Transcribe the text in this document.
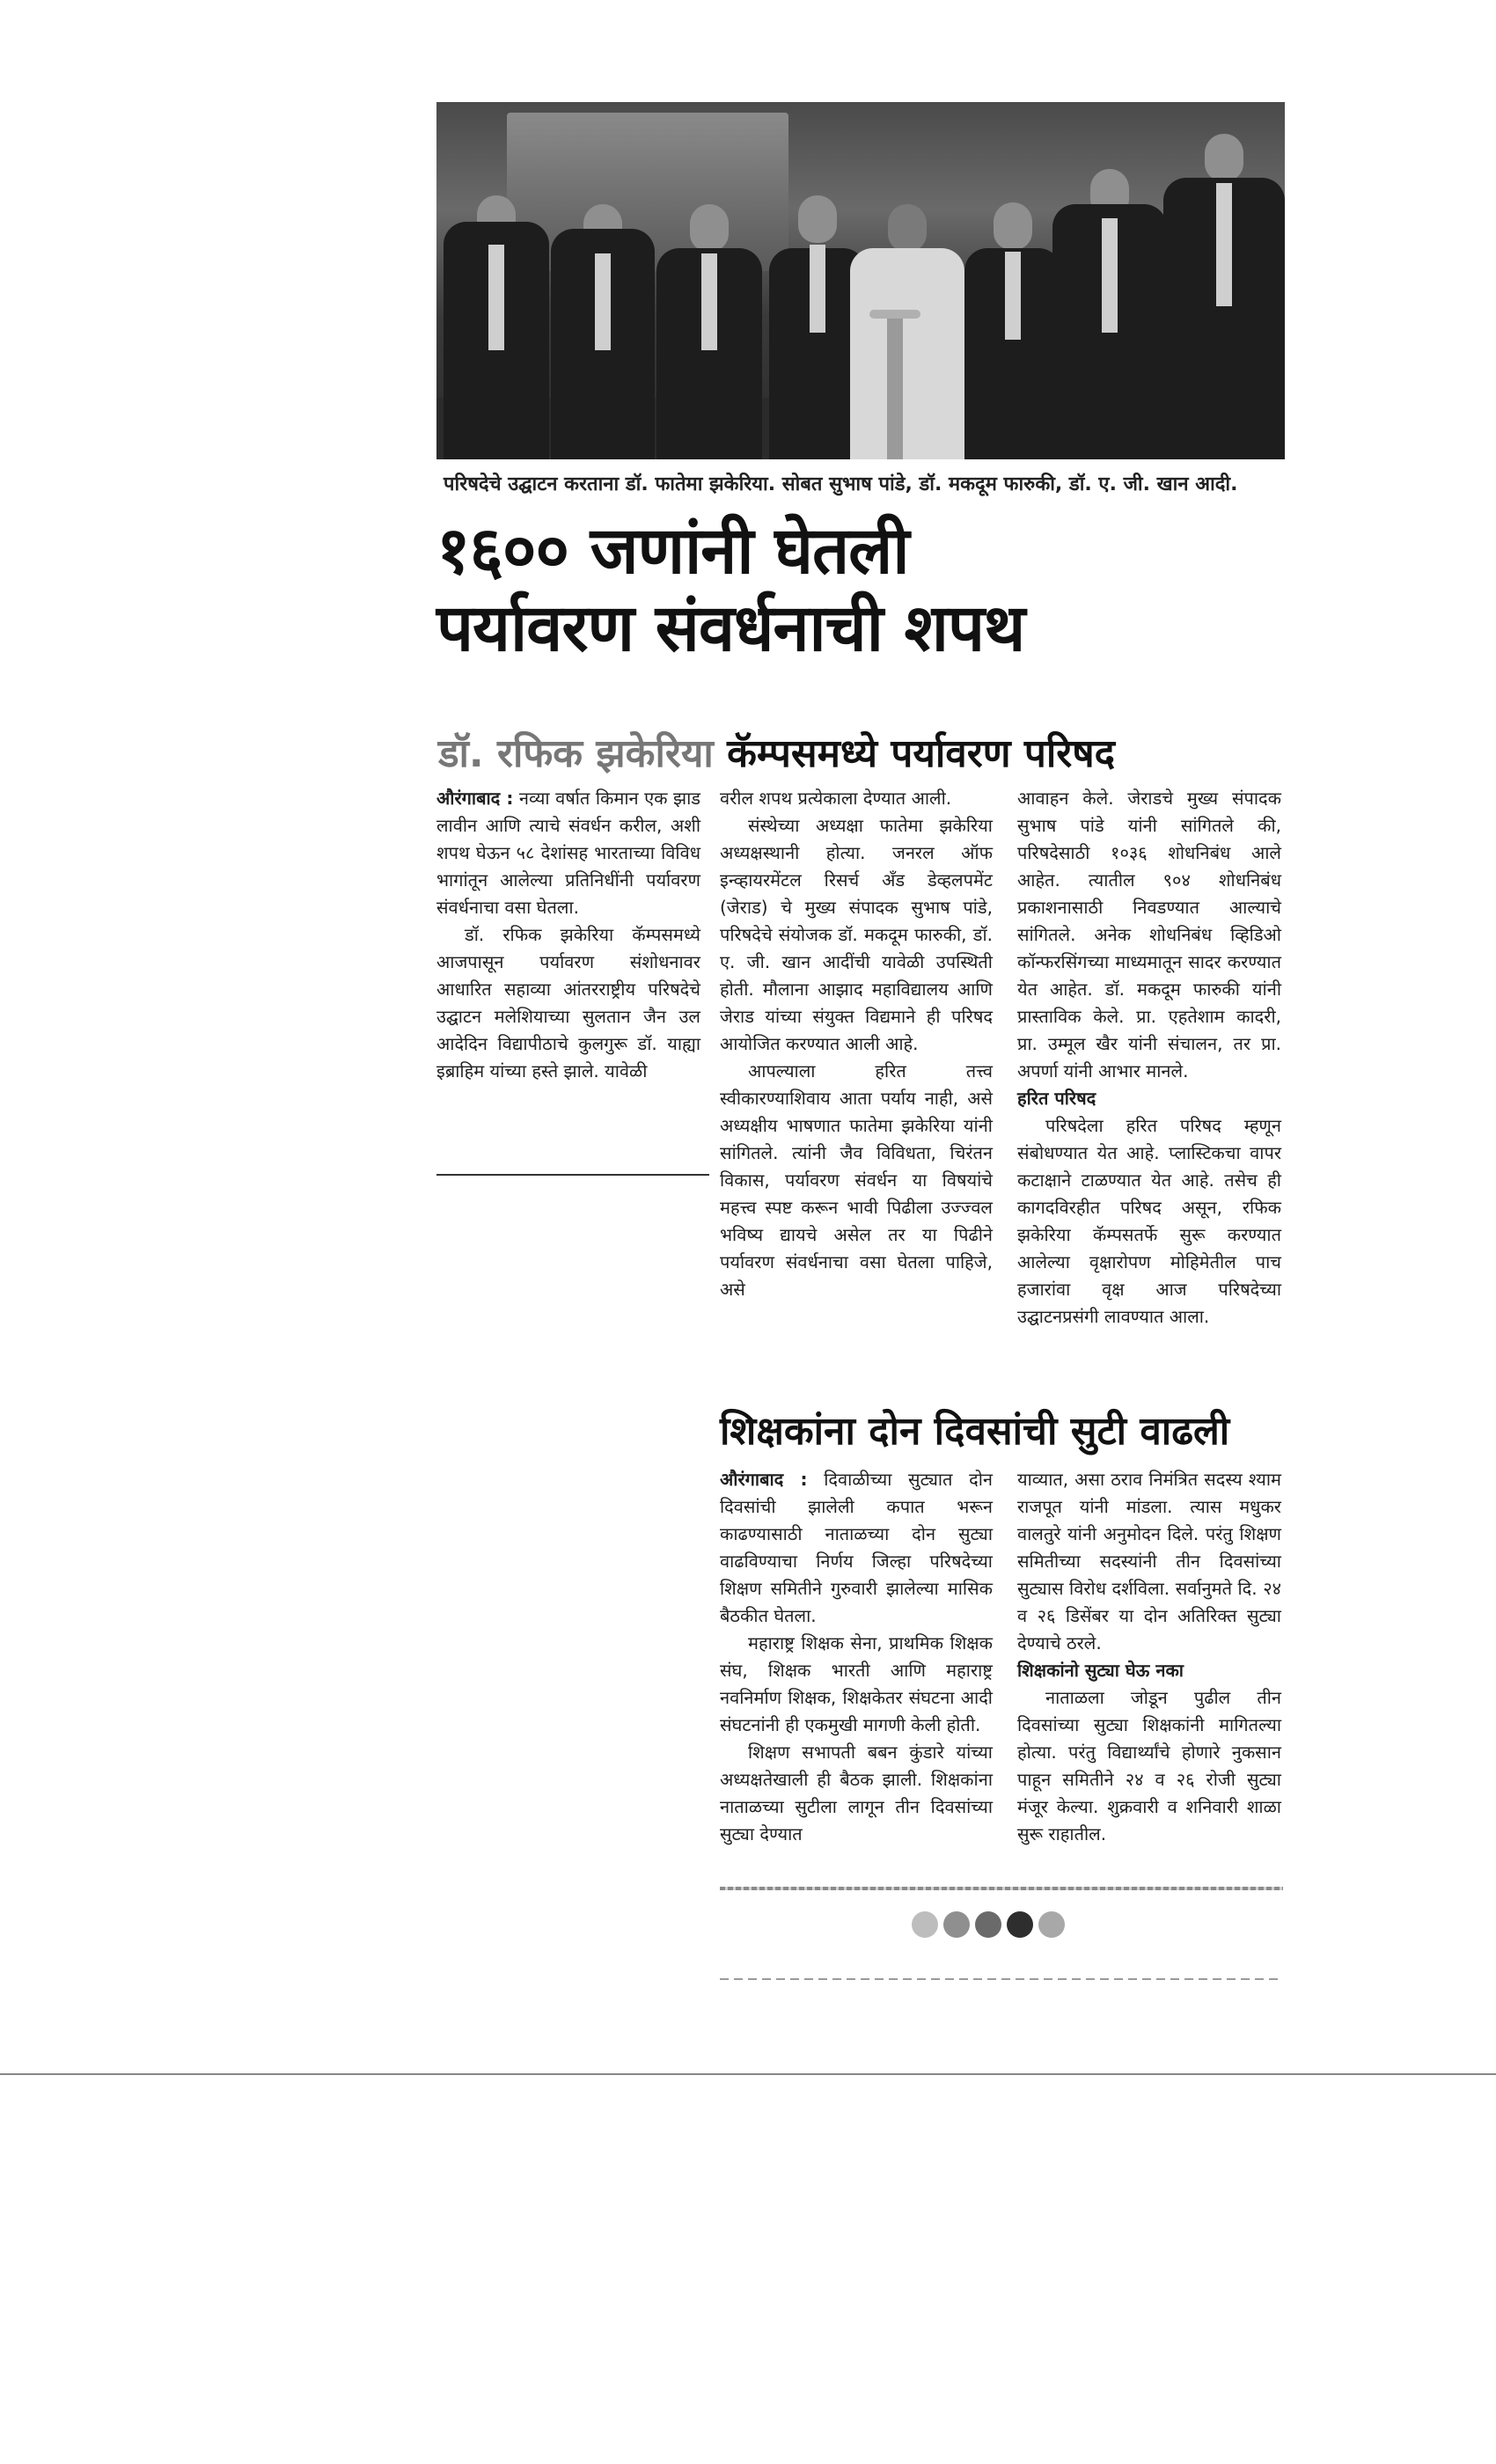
परिषदेचे उद्घाटन करताना डॉ. फातेमा झकेरिया. सोबत सुभाष पांडे, डॉ. मकदूम फारुकी, डॉ. ए. जी. खान आदी.
१६०० जणांनी घेतली
पर्यावरण संवर्धनाची शपथ
डॉ. रफिक झकेरिया कॅम्पसमध्ये पर्यावरण परिषद

औरंगाबाद : नव्या वर्षात किमान एक झाड लावीन आणि त्याचे संवर्धन करील, अशी शपथ घेऊन ५८ देशांसह भारताच्या विविध भागांतून आलेल्या प्रतिनिधींनी पर्यावरण संवर्धनाचा वसा घेतला.

डॉ. रफिक झकेरिया कॅम्पसमध्ये आजपासून पर्यावरण संशोधनावर आधारित सहाव्या आंतरराष्ट्रीय परिषदेचे उद्घाटन मलेशियाच्या सुलतान जैन उल आदेदिन विद्यापीठाचे कुलगुरू डॉ. याह्या इब्राहिम यांच्या हस्ते झाले. यावेळी

वरील शपथ प्रत्येकाला देण्यात आली.

संस्थेच्या अध्यक्षा फातेमा झकेरिया अध्यक्षस्थानी होत्या. जनरल ऑफ इन्व्हायरमेंटल रिसर्च अँड डेव्हलपमेंट (जेराड) चे मुख्य संपादक सुभाष पांडे, परिषदेचे संयोजक डॉ. मकदूम फारुकी, डॉ. ए. जी. खान आदींची यावेळी उपस्थिती होती. मौलाना आझाद महाविद्यालय आणि जेराड यांच्या संयुक्त विद्यमाने ही परिषद आयोजित करण्यात आली आहे.

आपल्याला हरित तत्त्व स्वीकारण्याशिवाय आता पर्याय नाही, असे अध्यक्षीय भाषणात फातेमा झकेरिया यांनी सांगितले. त्यांनी जैव विविधता, चिरंतन विकास, पर्यावरण संवर्धन या विषयांचे महत्त्व स्पष्ट करून भावी पिढीला उज्ज्वल भविष्य द्यायचे असेल तर या पिढीने पर्यावरण संवर्धनाचा वसा घेतला पाहिजे, असे

आवाहन केले. जेराडचे मुख्य संपादक सुभाष पांडे यांनी सांगितले की, परिषदेसाठी १०३६ शोधनिबंध आले आहेत. त्यातील ९०४ शोधनिबंध प्रकाशनासाठी निवडण्यात आल्याचे सांगितले. अनेक शोधनिबंध व्हिडिओ कॉन्फरसिंगच्या माध्यमातून सादर करण्यात येत आहेत. डॉ. मकदूम फारुकी यांनी प्रास्ताविक केले. प्रा. एहतेशाम कादरी, प्रा. उम्मूल खैर यांनी संचालन, तर प्रा. अपर्णा यांनी आभार मानले.

हरित परिषद

परिषदेला हरित परिषद म्हणून संबोधण्यात येत आहे. प्लास्टिकचा वापर कटाक्षाने टाळण्यात येत आहे. तसेच ही कागदविरहीत परिषद असून, रफिक झकेरिया कॅम्पसतर्फे सुरू करण्यात आलेल्या वृक्षारोपण मोहिमेतील पाच हजारांवा वृक्ष आज परिषदेच्या उद्घाटनप्रसंगी लावण्यात आला.

शिक्षकांना दोन दिवसांची सुटी वाढली

औरंगाबाद : दिवाळीच्या सुट्यात दोन दिवसांची झालेली कपात भरून काढण्यासाठी नाताळच्या दोन सुट्या वाढविण्याचा निर्णय जिल्हा परिषदेच्या शिक्षण समितीने गुरुवारी झालेल्या मासिक बैठकीत घेतला.

महाराष्ट्र शिक्षक सेना, प्राथमिक शिक्षक संघ, शिक्षक भारती आणि महाराष्ट्र नवनिर्माण शिक्षक, शिक्षकेतर संघटना आदी संघटनांनी ही एकमुखी मागणी केली होती.

शिक्षण सभापती बबन कुंडारे यांच्या अध्यक्षतेखाली ही बैठक झाली. शिक्षकांना नाताळच्या सुटीला लागून तीन दिवसांच्या सुट्या देण्यात

याव्यात, असा ठराव निमंत्रित सदस्य श्याम राजपूत यांनी मांडला. त्यास मधुकर वालतुरे यांनी अनुमोदन दिले. परंतु शिक्षण समितीच्या सदस्यांनी तीन दिवसांच्या सुट्यास विरोध दर्शविला. सर्वानुमते दि. २४ व २६ डिसेंबर या दोन अतिरिक्त सुट्या देण्याचे ठरले.

शिक्षकांनो सुट्या घेऊ नका

नाताळला जोडून पुढील तीन दिवसांच्या सुट्या शिक्षकांनी मागितल्या होत्या. परंतु विद्यार्थ्यांचे होणारे नुकसान पाहून समितीने २४ व २६ रोजी सुट्या मंजूर केल्या. शुक्रवारी व शनिवारी शाळा सुरू राहातील.
